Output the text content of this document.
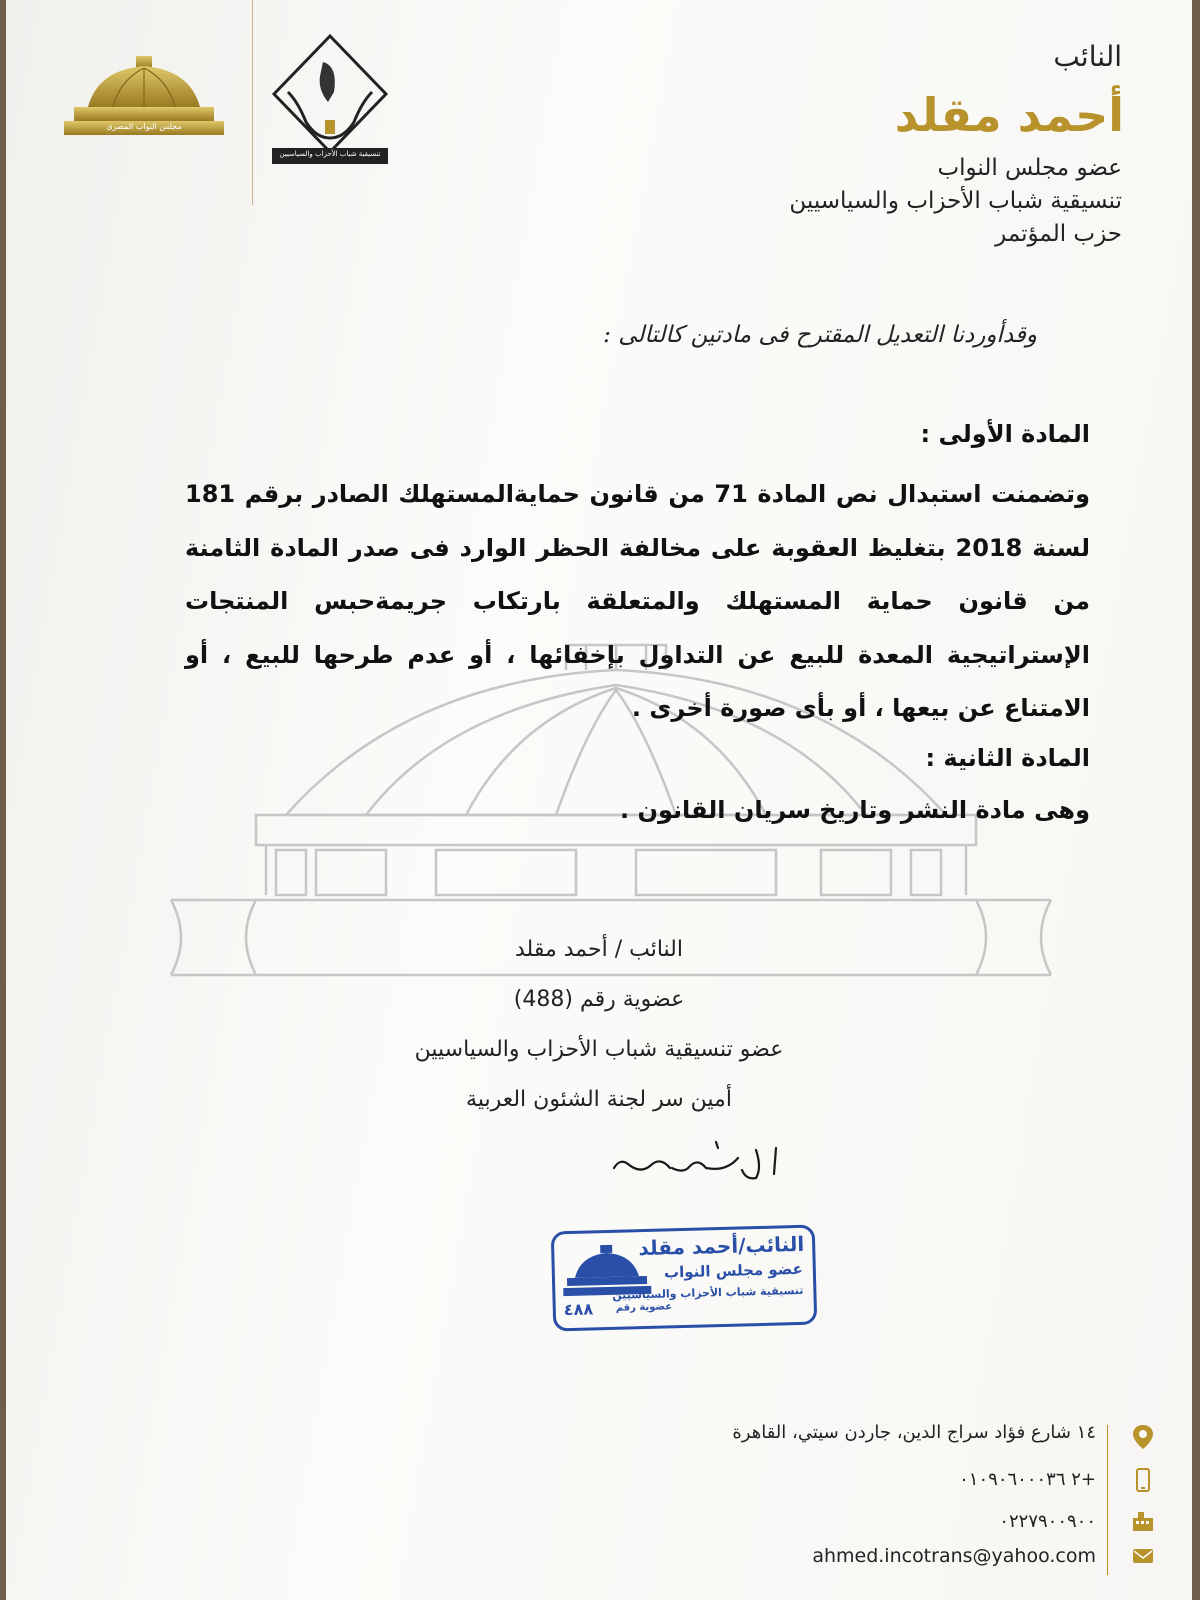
مجلس النواب المصرى
تنسيقية شباب الأحزاب والسياسيين
النائب
أحمد مقلد
عضو مجلس النواب
تنسيقية شباب الأحزاب والسياسيين
حزب المؤتمر
وقدأوردنا التعديل المقترح فى مادتين كالتالى :
المادة الأولى :
وتضمنت استبدال نص المادة 71 من قانون حمايةالمستهلك الصادر برقم 181 لسنة 2018 بتغليظ العقوبة على مخالفة الحظر الوارد فى صدر المادة الثامنة من قانون حماية المستهلك والمتعلقة بارتكاب جريمةحبس المنتجات الإستراتيجية المعدة للبيع عن التداول بإخفائها ، أو عدم طرحها للبيع ، أو الامتناع عن بيعها ، أو بأى صورة أخرى .
المادة الثانية :
وهى مادة النشر وتاريخ سريان القانون .
النائب / أحمد مقلد
عضوية رقم (488)
عضو تنسيقية شباب الأحزاب والسياسيين
أمين سر لجنة الشئون العربية
النائب/أحمد مقلد
عضو مجلس النواب
تنسيقية شباب الأحزاب والسياسيين
عضوية رقم
٤٨٨
١٤ شارع فؤاد سراج الدين، جاردن سيتي، القاهرة
+٢ ٠١٠٩٠٦٠٠٠٣٦
٠٢٢٧٩٠٠٩٠٠
ahmed.incotrans@yahoo.com
